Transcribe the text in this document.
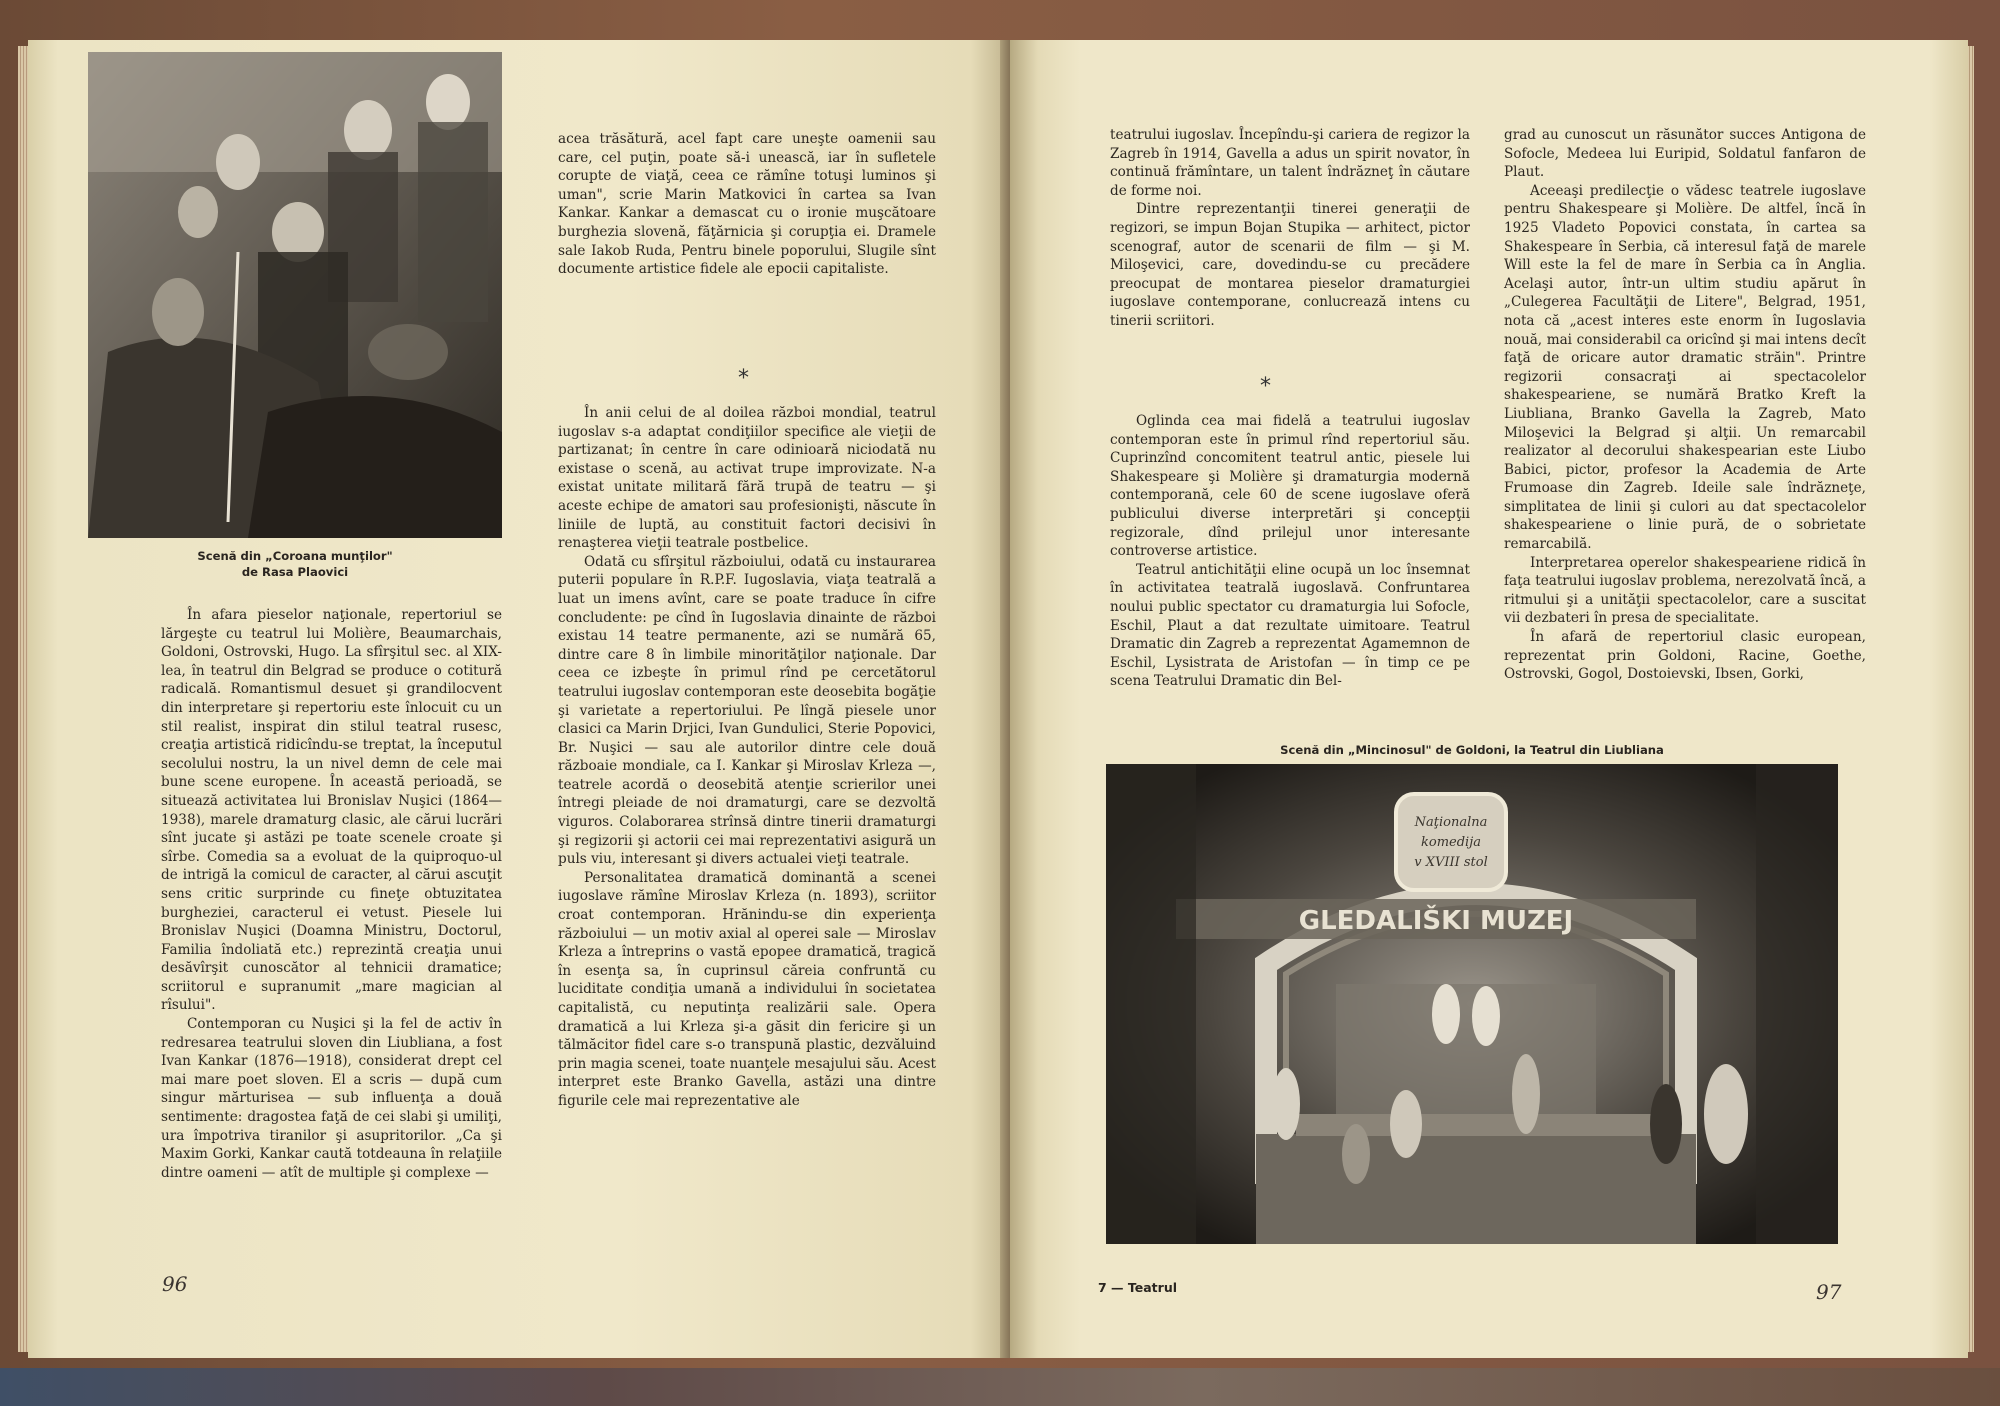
Scenă din „Coroana munţilor"
de Rasa Plaovici

În afara pieselor naţionale, repertoriul se lărgeşte cu teatrul lui Molière, Beaumarchais, Goldoni, Ostrovski, Hugo. La sfîrşitul sec. al XIX-lea, în teatrul din Belgrad se produce o cotitură radicală. Romantismul desuet şi grandilocvent din interpretare şi repertoriu este înlocuit cu un stil realist, inspirat din stilul teatral rusesc, creaţia artistică ridicîndu-se treptat, la începutul secolului nostru, la un nivel demn de cele mai bune scene europene. În această perioadă, se situează activitatea lui Bronislav Nuşici (1864—1938), marele dramaturg clasic, ale cărui lucrări sînt jucate şi astăzi pe toate scenele croate şi sîrbe. Comedia sa a evoluat de la quiproquo-ul de intrigă la comicul de caracter, al cărui ascuţit sens critic surprinde cu fineţe obtuzitatea burgheziei, caracterul ei vetust. Piesele lui Bronislav Nuşici (Doamna Ministru, Doctorul, Familia îndoliată etc.) reprezintă creaţia unui desăvîrşit cunoscător al tehnicii dramatice; scriitorul e supranumit „mare magician al rîsului".

Contemporan cu Nuşici şi la fel de activ în redresarea teatrului sloven din Liubliana, a fost Ivan Kankar (1876—1918), considerat drept cel mai mare poet sloven. El a scris — după cum singur mărturisea — sub influenţa a două sentimente: dragostea faţă de cei slabi şi umiliţi, ura împotriva tiranilor şi asupritorilor. „Ca şi Maxim Gorki, Kankar caută totdeauna în relaţiile dintre oameni — atît de multiple şi complexe —

acea trăsătură, acel fapt care uneşte oamenii sau care, cel puţin, poate să-i unească, iar în sufletele corupte de viaţă, ceea ce rămîne totuşi luminos şi uman", scrie Marin Matkovici în cartea sa Ivan Kankar. Kankar a demascat cu o ironie muşcătoare burghezia slovenă, făţărnicia şi corupţia ei. Dramele sale Iakob Ruda, Pentru binele poporului, Slugile sînt documente artistice fidele ale epocii capitaliste.

*

În anii celui de al doilea război mondial, teatrul iugoslav s-a adaptat condiţiilor specifice ale vieţii de partizanat; în centre în care odinioară niciodată nu existase o scenă, au activat trupe improvizate. N-a existat unitate militară fără trupă de teatru — şi aceste echipe de amatori sau profesionişti, născute în liniile de luptă, au constituit factori decisivi în renaşterea vieţii teatrale postbelice.

Odată cu sfîrşitul războiului, odată cu instaurarea puterii populare în R.P.F. Iugoslavia, viaţa teatrală a luat un imens avînt, care se poate traduce în cifre concludente: pe cînd în Iugoslavia dinainte de război existau 14 teatre permanente, azi se numără 65, dintre care 8 în limbile minorităţilor naţionale. Dar ceea ce izbeşte în primul rînd pe cercetătorul teatrului iugoslav contemporan este deosebita bogăţie şi varietate a repertoriului. Pe lîngă piesele unor clasici ca Marin Drjici, Ivan Gundulici, Sterie Popovici, Br. Nuşici — sau ale autorilor dintre cele două războaie mondiale, ca I. Kankar şi Miroslav Krleza —, teatrele acordă o deosebită atenţie scrierilor unei întregi pleiade de noi dramaturgi, care se dezvoltă viguros. Colaborarea strînsă dintre tinerii dramaturgi şi regizorii şi actorii cei mai reprezentativi asigură un puls viu, interesant şi divers actualei vieţi teatrale.

Personalitatea dramatică dominantă a scenei iugoslave rămîne Miroslav Krleza (n. 1893), scriitor croat contemporan. Hrănindu-se din experienţa războiului — un motiv axial al operei sale — Miroslav Krleza a întreprins o vastă epopee dramatică, tragică în esenţa sa, în cuprinsul căreia confruntă cu luciditate condiţia umană a individului în societatea capitalistă, cu neputinţa realizării sale. Opera dramatică a lui Krleza şi-a găsit din fericire şi un tălmăcitor fidel care s-o transpună plastic, dezvăluind prin magia scenei, toate nuanţele mesajului său. Acest interpret este Branko Gavella, astăzi una dintre figurile cele mai reprezentative ale

96

teatrului iugoslav. Începîndu-şi cariera de regizor la Zagreb în 1914, Gavella a adus un spirit novator, în continuă frămîntare, un talent îndrăzneţ în căutare de forme noi.

Dintre reprezentanţii tinerei generaţii de regizori, se impun Bojan Stupika — arhitect, pictor scenograf, autor de scenarii de film — şi M. Miloşevici, care, dovedindu-se cu precădere preocupat de montarea pieselor dramaturgiei iugoslave contemporane, conlucrează intens cu tinerii scriitori.

*

Oglinda cea mai fidelă a teatrului iugoslav contemporan este în primul rînd repertoriul său. Cuprinzînd concomitent teatrul antic, piesele lui Shakespeare şi Molière şi dramaturgia modernă contemporană, cele 60 de scene iugoslave oferă publicului diverse interpretări şi concepţii regizorale, dînd prilejul unor interesante controverse artistice.

Teatrul antichităţii eline ocupă un loc însemnat în activitatea teatrală iugoslavă. Confruntarea noului public spectator cu dramaturgia lui Sofocle, Eschil, Plaut a dat rezultate uimitoare. Teatrul Dramatic din Zagreb a reprezentat Agamemnon de Eschil, Lysistrata de Aristofan — în timp ce pe scena Teatrului Dramatic din Bel-

grad au cunoscut un răsunător succes Antigona de Sofocle, Medeea lui Euripid, Soldatul fanfaron de Plaut.

Aceeaşi predilecţie o vădesc teatrele iugoslave pentru Shakespeare şi Molière. De altfel, încă în 1925 Vladeto Popovici constata, în cartea sa Shakespeare în Serbia, că interesul faţă de marele Will este la fel de mare în Serbia ca în Anglia. Acelaşi autor, într-un ultim studiu apărut în „Culegerea Facultăţii de Litere", Belgrad, 1951, nota că „acest interes este enorm în Iugoslavia nouă, mai considerabil ca oricînd şi mai intens decît faţă de oricare autor dramatic străin". Printre regizorii consacraţi ai spectacolelor shakespeariene, se numără Bratko Kreft la Liubliana, Branko Gavella la Zagreb, Mato Miloşevici la Belgrad şi alţii. Un remarcabil realizator al decorului shakespearian este Liubo Babici, pictor, profesor la Academia de Arte Frumoase din Zagreb. Ideile sale îndrăzneţe, simplitatea de linii şi culori au dat spectacolelor shakespeariene o linie pură, de o sobrietate remarcabilă.

Interpretarea operelor shakespeariene ridică în faţa teatrului iugoslav problema, nerezolvată încă, a ritmului şi a unităţii spectacolelor, care a suscitat vii dezbateri în presa de specialitate.

În afară de repertoriul clasic european, reprezentat prin Goldoni, Racine, Goethe, Ostrovski, Gogol, Dostoievski, Ibsen, Gorki,

Scenă din „Mincinosul" de Goldoni, la Teatrul din Liubliana
GLEDALIŠKI MUZEJ
Naţionalna
komedija
v XVIII stol
7 — Teatrul	97
